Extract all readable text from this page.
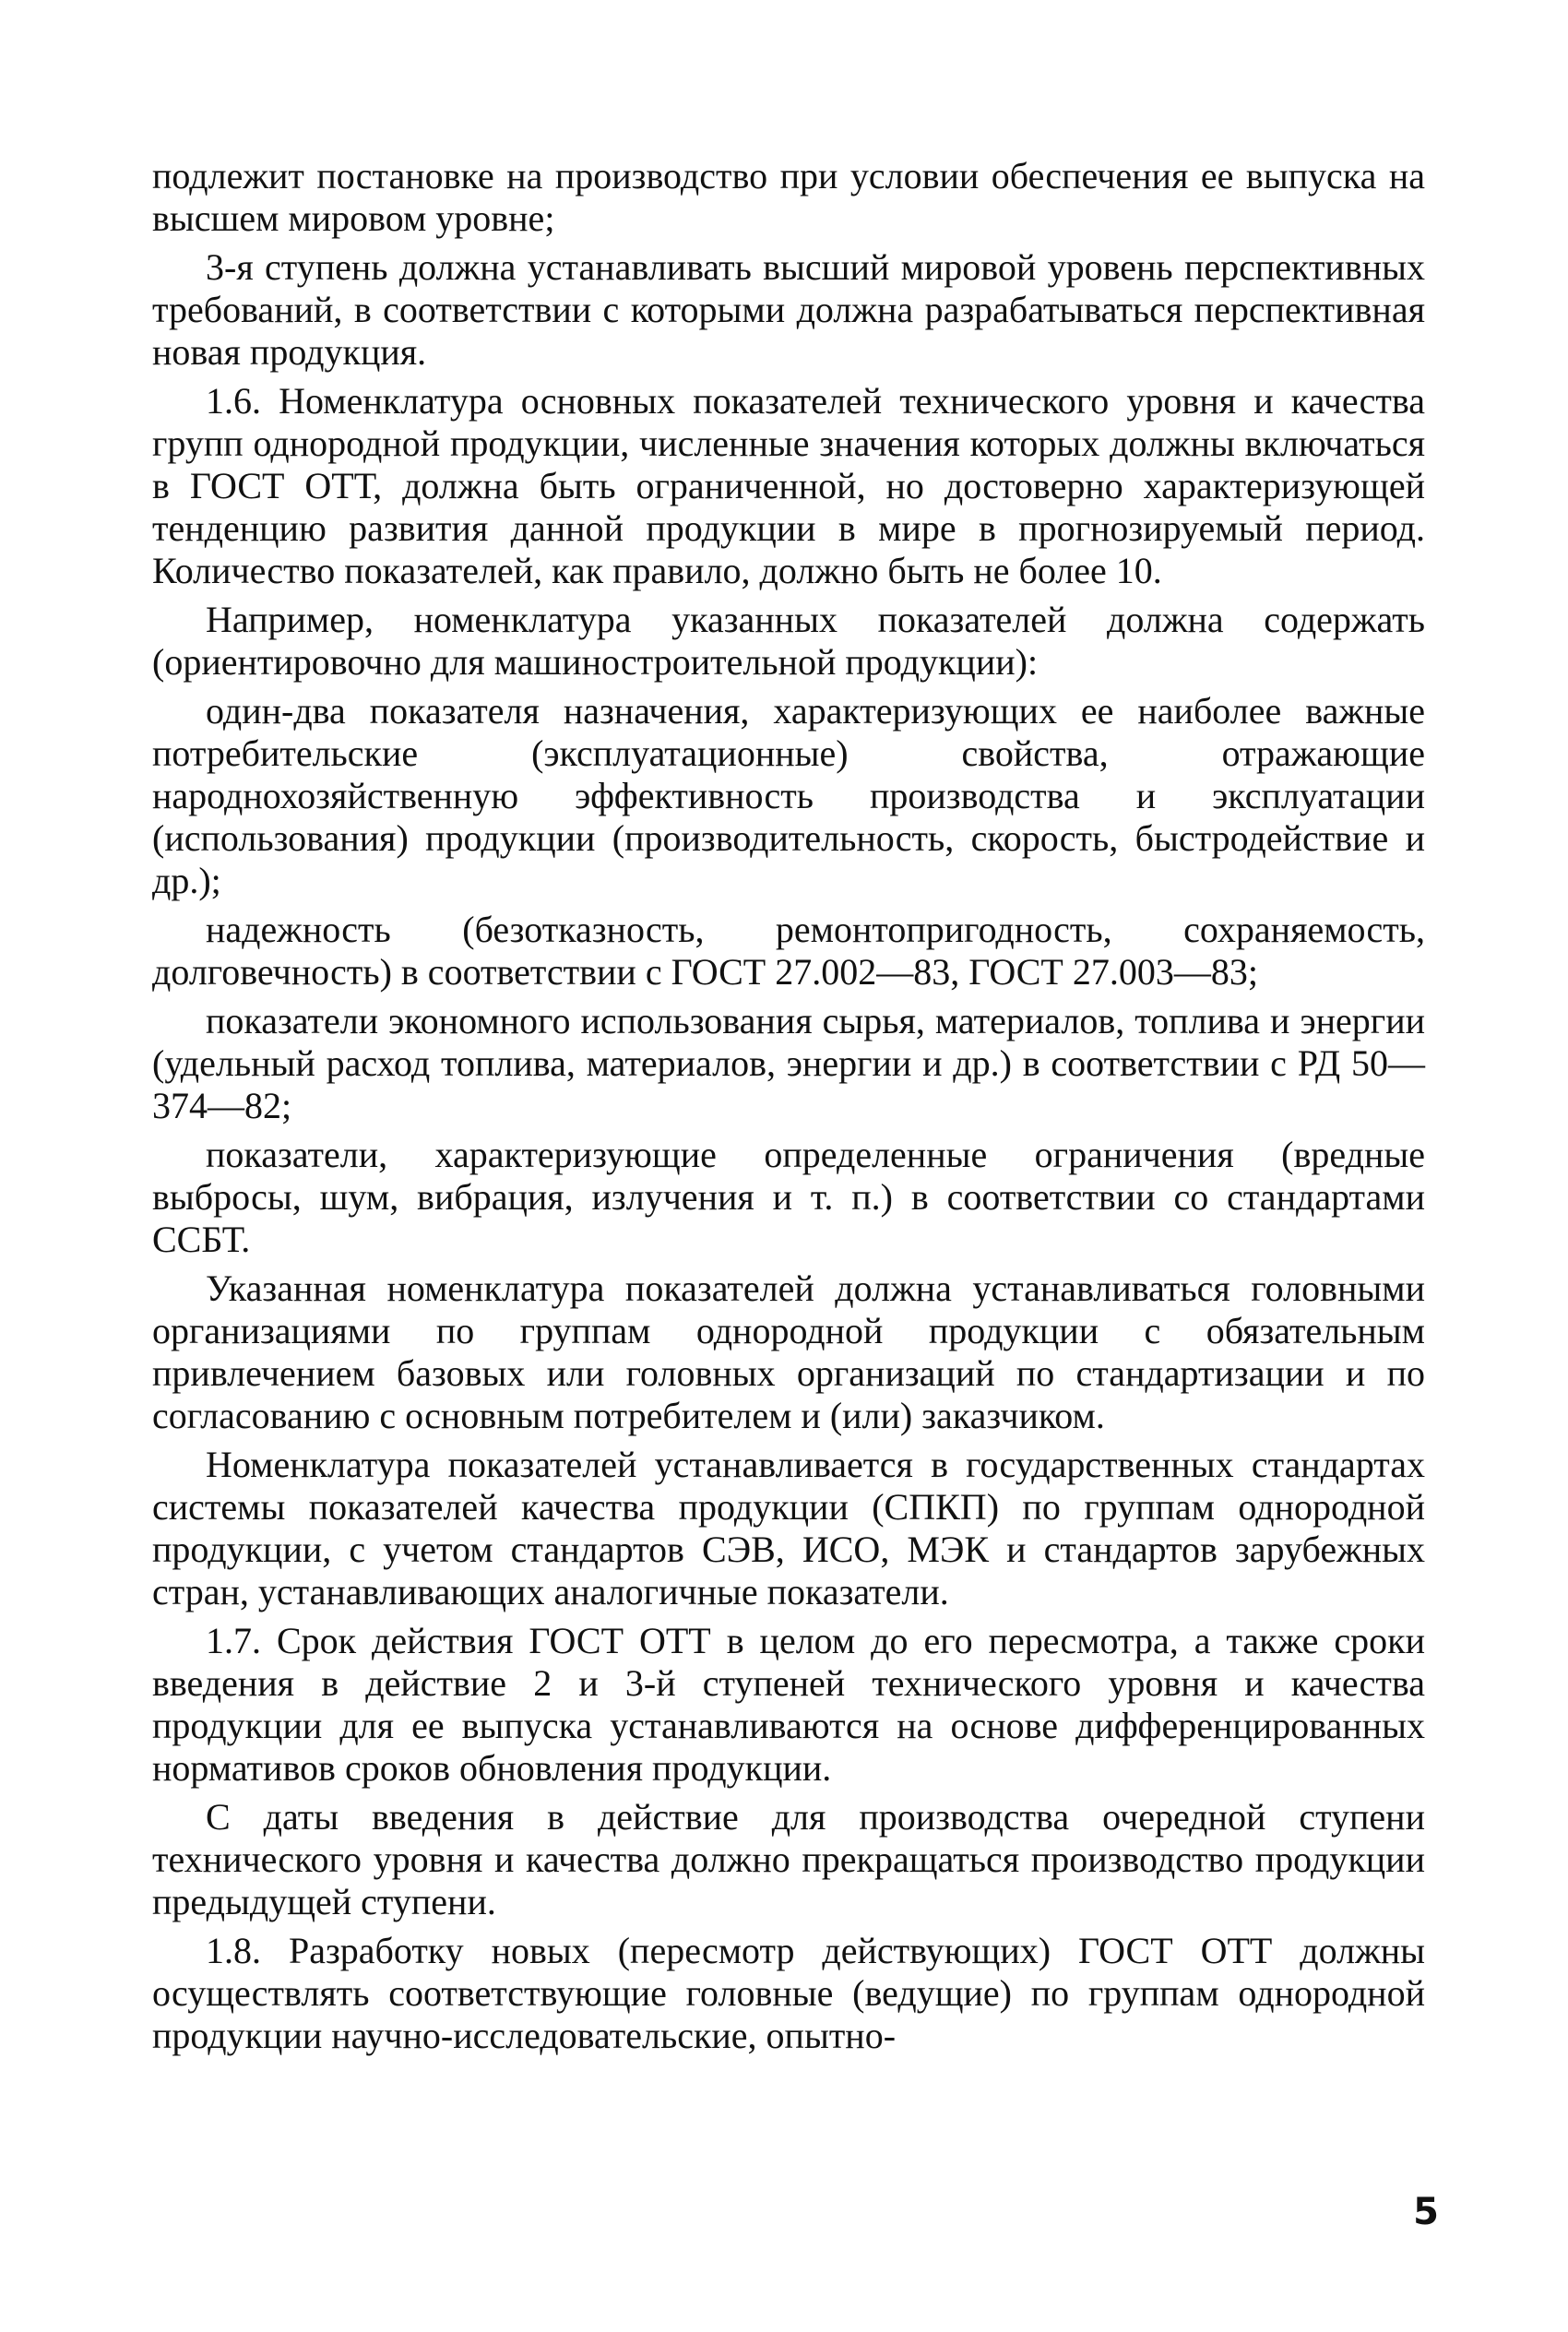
подлежит постановке на производство при условии обеспечения ее выпуска на высшем мировом уровне;

3-я ступень должна устанавливать высший мировой уровень перспективных требований, в соответствии с которыми должна разрабатываться перспективная новая продукция.

1.6. Номенклатура основных показателей технического уровня и качества групп однородной продукции, численные значения которых должны включаться в ГОСТ ОТТ, должна быть ограниченной, но достоверно характеризующей тенденцию развития данной продукции в мире в прогнозируемый период. Количество показателей, как правило, должно быть не более 10.

Например, номенклатура указанных показателей должна содержать (ориентировочно для машиностроительной продукции):

один-два показателя назначения, характеризующих ее наиболее важные потребительские (эксплуатационные) свойства, отражающие народнохозяйственную эффективность производства и эксплуатации (использования) продукции (производительность, скорость, быстродействие и др.);

надежность (безотказность, ремонтопригодность, сохраняемость, долговечность) в соответствии с ГОСТ 27.002—83, ГОСТ 27.003—83;

показатели экономного использования сырья, материалов, топлива и энергии (удельный расход топлива, материалов, энергии и др.) в соответствии с РД 50—374—82;

показатели, характеризующие определенные ограничения (вредные выбросы, шум, вибрация, излучения и т. п.) в соответствии со стандартами ССБТ.

Указанная номенклатура показателей должна устанавливаться головными организациями по группам однородной продукции с обязательным привлечением базовых или головных организаций по стандартизации и по согласованию с основным потребителем и (или) заказчиком.

Номенклатура показателей устанавливается в государственных стандартах системы показателей качества продукции (СПКП) по группам однородной продукции, с учетом стандартов СЭВ, ИСО, МЭК и стандартов зарубежных стран, устанавливающих аналогичные показатели.

1.7. Срок действия ГОСТ ОТТ в целом до его пересмотра, а также сроки введения в действие 2 и 3-й ступеней технического уровня и качества продукции для ее выпуска устанавливаются на основе дифференцированных нормативов сроков обновления продукции.

С даты введения в действие для производства очередной ступени технического уровня и качества должно прекращаться производство продукции предыдущей ступени.

1.8. Разработку новых (пересмотр действующих) ГОСТ ОТТ должны осуществлять соответствующие головные (ведущие) по группам однородной продукции научно-исследовательские, опытно-

5
